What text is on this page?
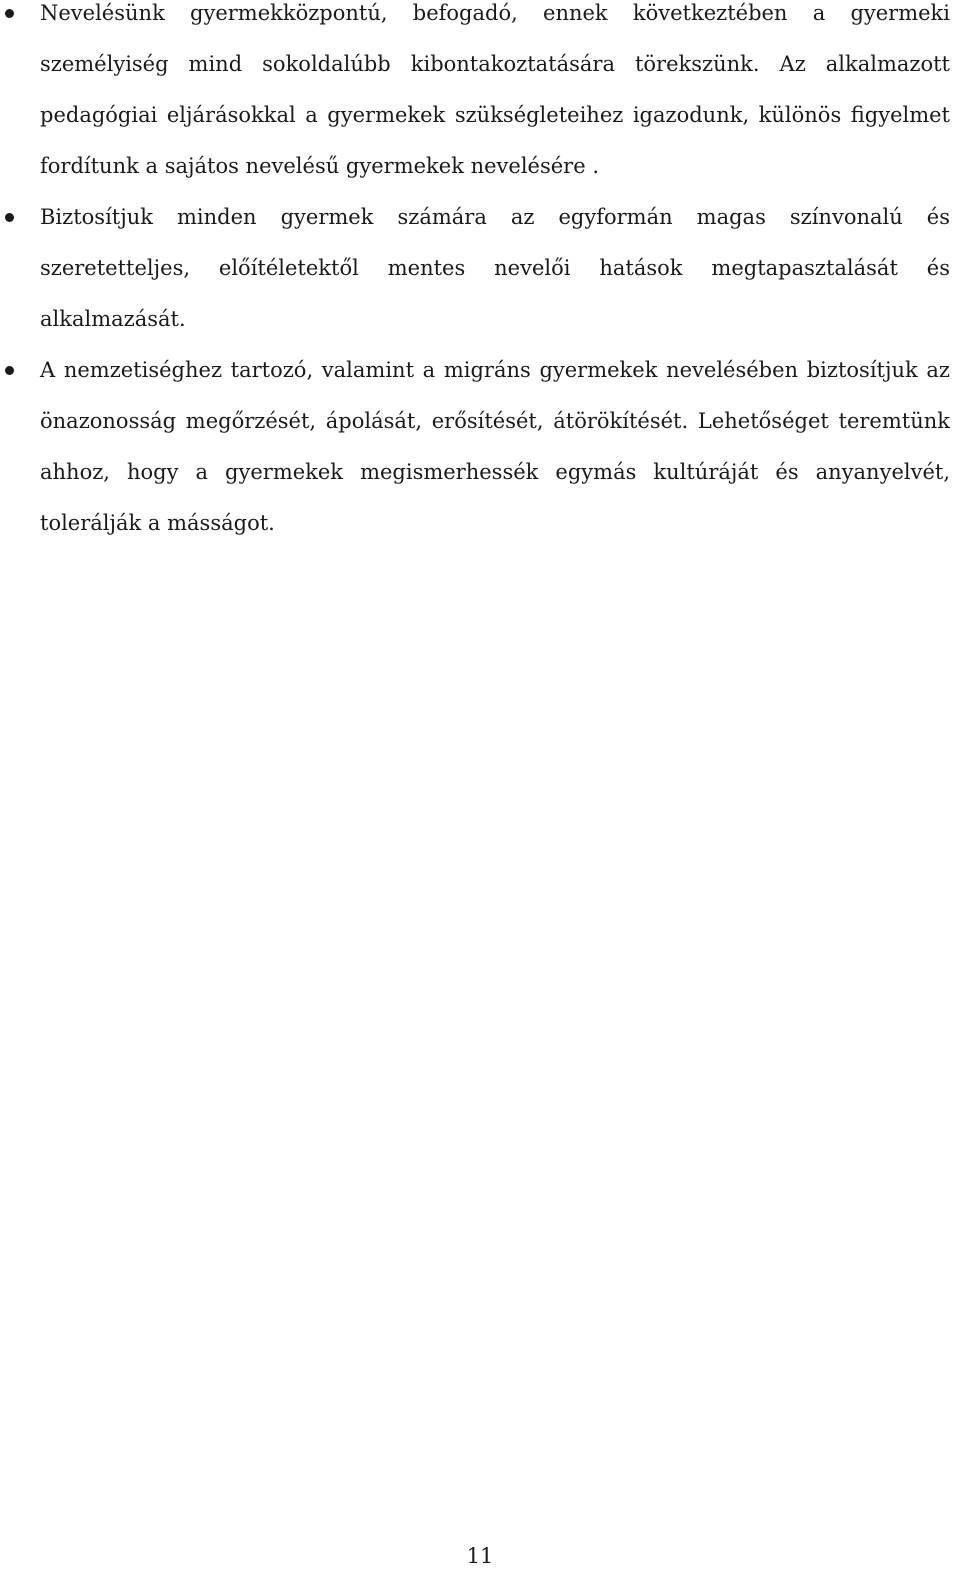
Nevelésünk gyermekközpontú, befogadó, ennek következtében a gyermeki személyiség mind sokoldalúbb kibontakoztatására törekszünk. Az alkalmazott pedagógiai eljárásokkal a gyermekek szükségleteihez igazodunk, különös figyelmet fordítunk a sajátos nevelésű gyermekek nevelésére .
Biztosítjuk minden gyermek számára az egyformán magas színvonalú és szeretetteljes, előítéletektől mentes nevelői hatások megtapasztalását és alkalmazását.
A nemzetiséghez tartozó, valamint a migráns gyermekek nevelésében biztosítjuk az önazonosság megőrzését, ápolását, erősítését, átörökítését. Lehetőséget teremtünk ahhoz, hogy a gyermekek megismerhessék egymás kultúráját és anyanyelvét, tolerálják a másságot.
11
